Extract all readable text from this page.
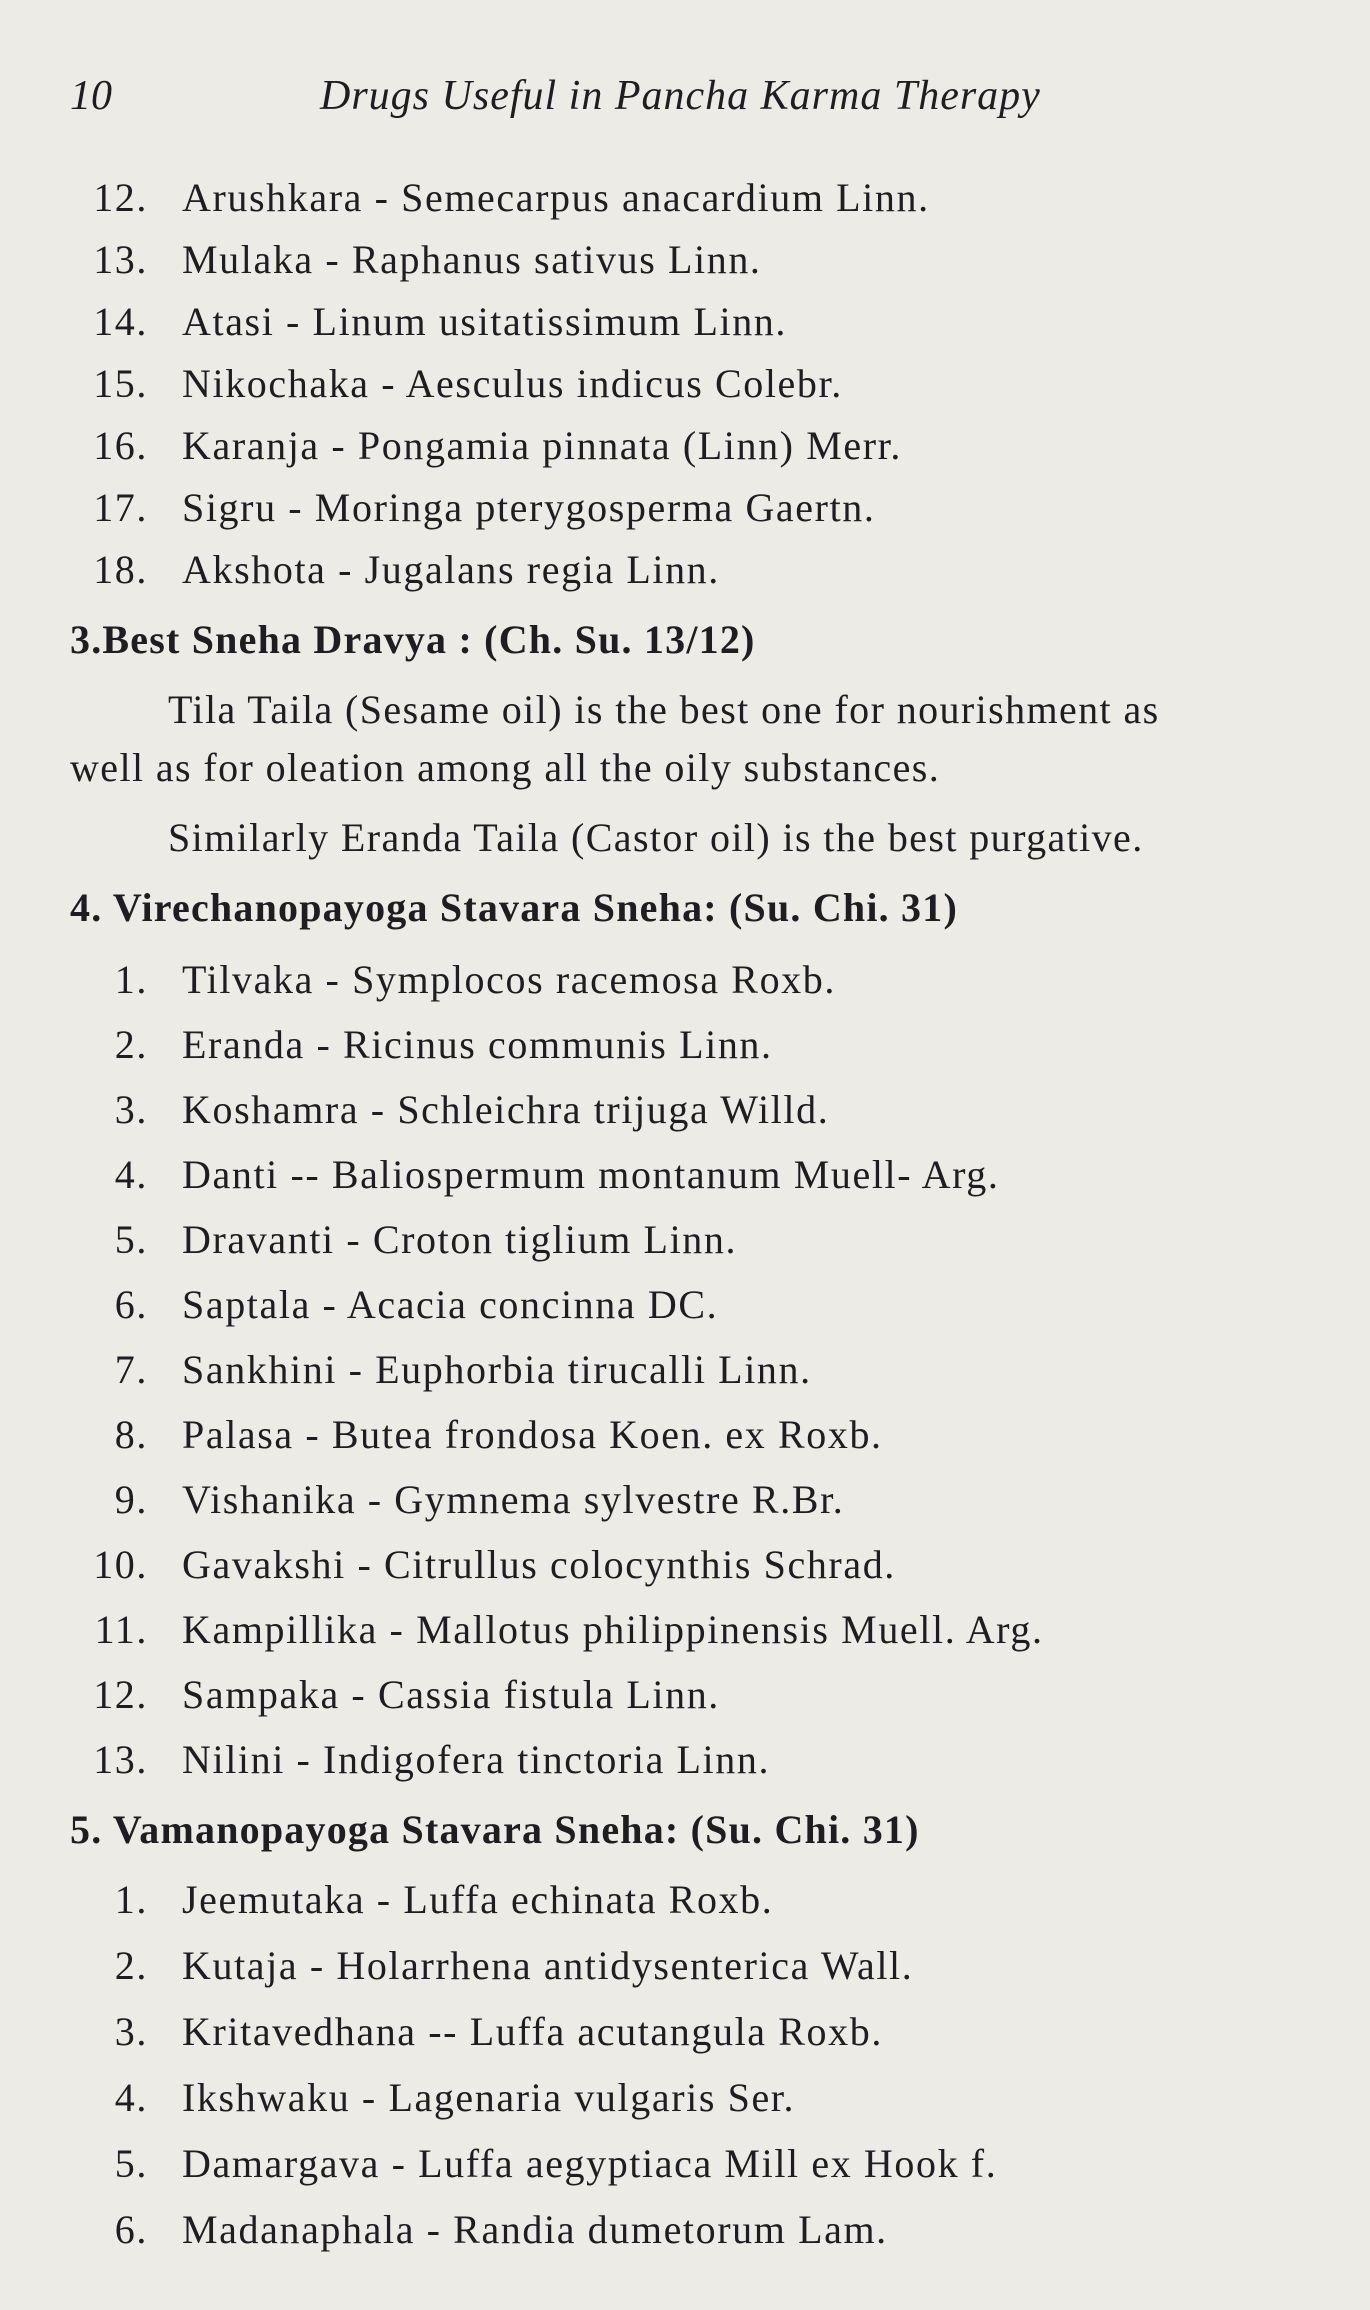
10	Drugs Useful in Pancha Karma Therapy
12. Arushkara - Semecarpus anacardium Linn.
13. Mulaka - Raphanus sativus Linn.
14. Atasi - Linum usitatissimum Linn.
15. Nikochaka - Aesculus indicus Colebr.
16. Karanja - Pongamia pinnata (Linn) Merr.
17. Sigru - Moringa pterygosperma Gaertn.
18. Akshota - Jugalans regia Linn.
3.Best Sneha Dravya : (Ch. Su. 13/12)
Tila Taila (Sesame oil) is the best one for nourishment as
well as for oleation among all the oily substances.
Similarly Eranda Taila (Castor oil) is the best purgative.
4. Virechanopayoga Stavara Sneha: (Su. Chi. 31)
1. Tilvaka - Symplocos racemosa Roxb.
2. Eranda - Ricinus communis Linn.
3. Koshamra - Schleichra trijuga Willd.
4. Danti -- Baliospermum montanum Muell- Arg.
5. Dravanti - Croton tiglium Linn.
6. Saptala - Acacia concinna DC.
7. Sankhini - Euphorbia tirucalli Linn.
8. Palasa - Butea frondosa Koen. ex Roxb.
9. Vishanika - Gymnema sylvestre R.Br.
10. Gavakshi - Citrullus colocynthis Schrad.
11. Kampillika - Mallotus philippinensis Muell. Arg.
12. Sampaka - Cassia fistula Linn.
13. Nilini - Indigofera tinctoria Linn.
5. Vamanopayoga Stavara Sneha: (Su. Chi. 31)
1. Jeemutaka - Luffa echinata Roxb.
2. Kutaja - Holarrhena antidysenterica Wall.
3. Kritavedhana -- Luffa acutangula Roxb.
4. Ikshwaku - Lagenaria vulgaris Ser.
5. Damargava - Luffa aegyptiaca Mill ex Hook f.
6. Madanaphala - Randia dumetorum Lam.
